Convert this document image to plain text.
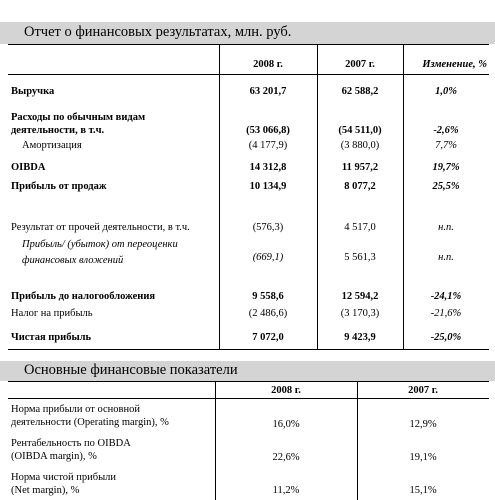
Отчет о финансовых результатах, млн. руб.
2008 г.	2007 г.	Изменение, %
Выручка	63 201,7	62 588,2	1,0%
Расходы по обычным видам
деятельности, в т.ч.	(53 066,8)	(54 511,0)	-2,6%
Амортизация	(4 177,9)	(3 880,0)	7,7%
OIBDA	14 312,8	11 957,2	19,7%
Прибыль от продаж	10 134,9	8 077,2	25,5%
Результат от прочей деятельности, в т.ч.	(576,3)	4 517,0	н.п.
Прибыль/ (убыток) от переоценки
финансовых вложений	(669,1)	5 561,3	н.п.
Прибыль до налогообложения	9 558,6	12 594,2	-24,1%
Налог на прибыль	(2 486,6)	(3 170,3)	-21,6%
Чистая прибыль	7 072,0	9 423,9	-25,0%
Основные финансовые показатели
2008 г.	2007 г.
Норма прибыли от основной
деятельности (Operating margin), %	16,0%	12,9%
Рентабельность по OIBDA
(OIBDA margin), %	22,6%	19,1%
Норма чистой прибыли
(Net margin), %	11,2%	15,1%
